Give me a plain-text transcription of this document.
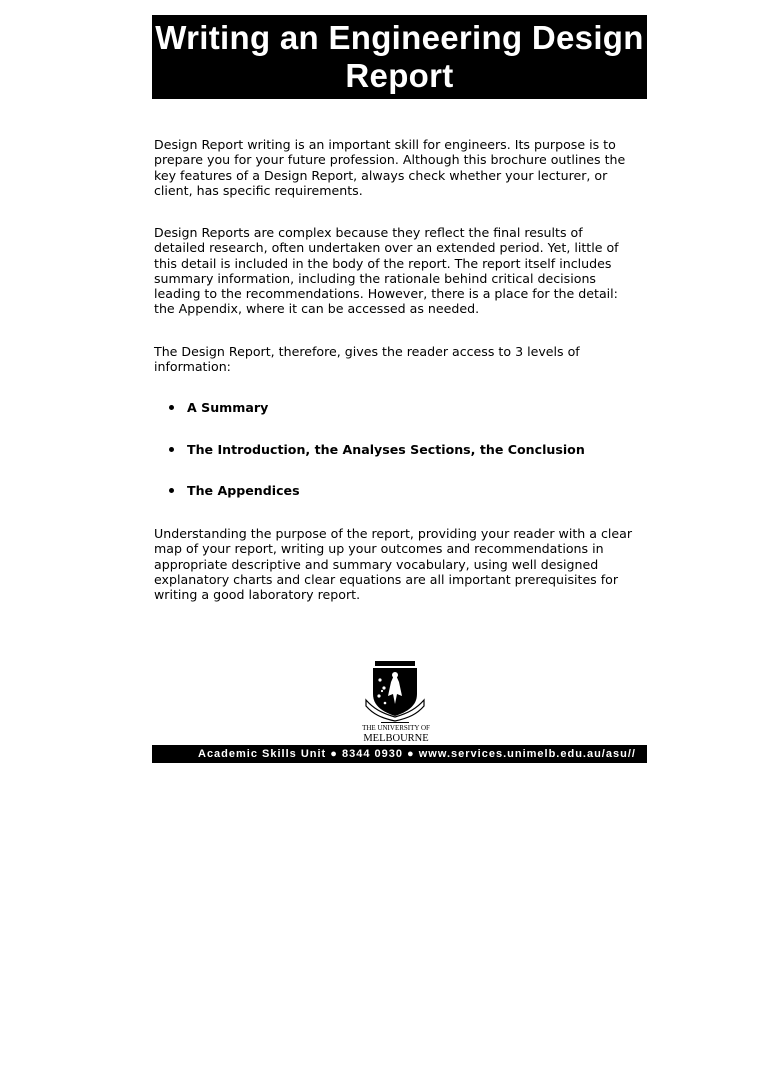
Writing an Engineering Design
Report
Design Report writing is an important skill for engineers. Its purpose is to prepare you for your future profession. Although this brochure outlines the key features of a Design Report, always check whether your lecturer, or client, has specific requirements.
Design Reports are complex because they reflect the final results of detailed research, often undertaken over an extended period. Yet, little of this detail is included in the body of the report. The report itself includes summary information, including the rationale behind critical decisions leading to the recommendations. However, there is a place for the detail: the Appendix, where it can be accessed as needed.
The Design Report, therefore, gives the reader access to 3 levels of information:
A Summary
The Introduction, the Analyses Sections, the Conclusion
The Appendices
Understanding the purpose of the report, providing your reader with a clear map of your report, writing up your outcomes and recommendations in appropriate descriptive and summary vocabulary, using well designed explanatory charts and clear equations are all important prerequisites for writing a good laboratory report.
THE UNIVERSITY OF
MELBOURNE
Academic Skills Unit ● 8344 0930 ● www.services.unimelb.edu.au/asu//
